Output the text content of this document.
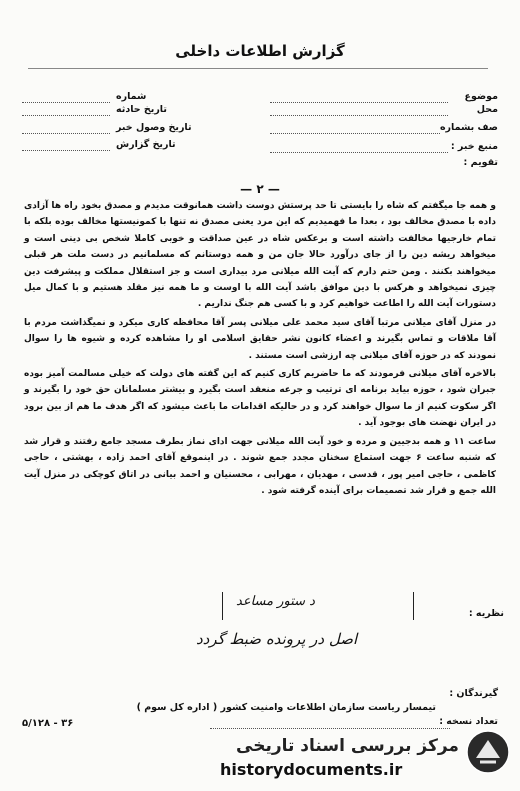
گزارش اطلاعات داخلی
شماره
تاریخ حادثه
تاریخ وصول خبر
تاریخ گزارش
موضوع
محل
صف بشماره
منبع خبر :
تقویم :
— ۲ —

و همه جا میگفتم که شاه را بایستی تا حد پرستش دوست داشت همانوقت مدیدم و مصدق بخود راه ها آزادی داده با مصدق مخالف بود ، بعدا ما فهمیدیم که این مرد یعنی مصدق نه تنها با کمونیستها مخالف بوده بلکه با تمام خارجیها مخالفت داشته است و برعکس شاه در عین صداقت و خوبی کاملا شخص بی دینی است و میخواهد ریشه دین را از جای درآورد حالا جان من و همه دوستانم که مسلمانیم در دست ملت هر قبلی میخواهند بکنند . ومن حتم دارم که آیت الله میلانی مرد بیداری است و جز استقلال مملکت و پیشرفت دین چیزی نمیخواهد و هرکس با دین موافق باشد آیت الله با اوست و ما همه نیز مقلد هستیم و با کمال میل دستورات آیت الله را اطاعت خواهیم کرد و با کسی هم جنگ نداریم .

در منزل آقای میلانی مرتبا آقای سید محمد علی میلانی پسر آقا محافظه کاری میکرد و نمیگذاشت مردم با آقا ملاقات و تماس بگیرند و اعضاء کانون نشر حقایق اسلامی او را مشاهده کرده و شیوه ها را سوال نمودند که در حوزه آقای میلانی چه ارزشی است مستند .

بالاخره آقای میلانی فرمودند که ما حاضریم کاری کنیم که این گفته های دولت که خیلی مسالمت آمیز بوده جبران شود ، حوزه بیاید برنامه ای ترتیب و جرعه منعقد است بگیرد و بیشتر مسلمانان حق خود را بگیرند و اگر سکوت کنیم از ما سوال خواهند کرد و در حالیکه اقدامات ما باعث میشود که اگر هدف ما هم از بین برود در ایران نهضت های بوجود آید .

ساعت ۱۱ و همه بدجیین و مرده و خود آیت الله میلانی جهت ادای نماز بطرف مسجد جامع رفتند و قرار شد که شنبه ساعت ۶ جهت استماع سخنان مجدد جمع شوند . در اینموقع آقای احمد زاده ، بهشتی ، حاجی کاظمی ، حاجی امیر پور ، قدسی ، مهدیان ، مهرابی ، محسنیان و احمد بیانی در اتاق کوچکی در منزل آیت الله جمع و قرار شد تصمیمات برای آینده گرفته شود .

نظریه :
د ستور مساعد
اصل در پرونده ضبط گردد
گیرندگان :
تیمسار ریاست سازمان اطلاعات وامنیت کشور ( اداره کل سوم )
تعداد نسخه :
۵/۱۲۸ - ۳۶
مرکز بررسی اسناد تاریخی
historydocuments.ir
